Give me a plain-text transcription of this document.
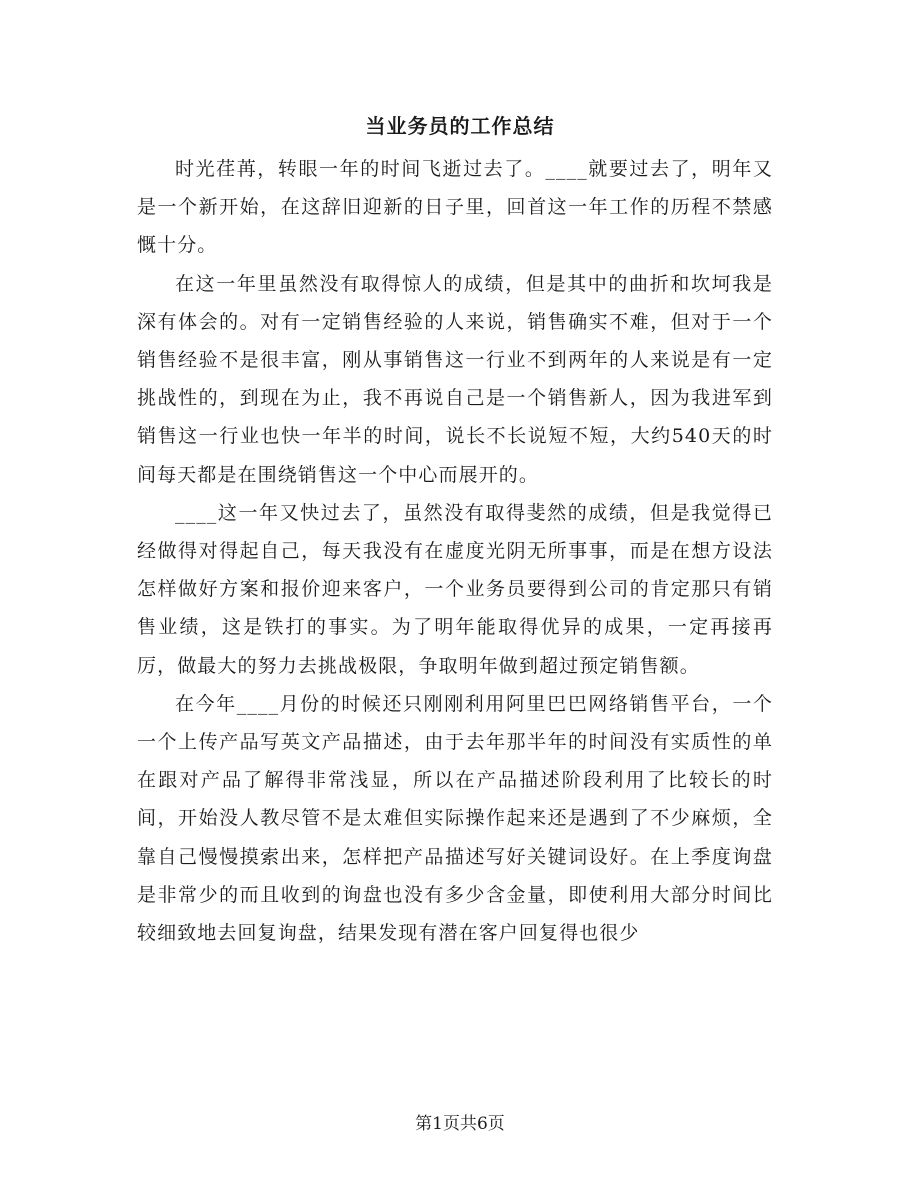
当业务员的工作总结

时光荏苒，转眼一年的时间飞逝过去了。____就要过去了，明年又是一个新开始，在这辞旧迎新的日子里，回首这一年工作的历程不禁感慨十分。

在这一年里虽然没有取得惊人的成绩，但是其中的曲折和坎坷我是深有体会的。对有一定销售经验的人来说，销售确实不难，但对于一个销售经验不是很丰富，刚从事销售这一行业不到两年的人来说是有一定挑战性的，到现在为止，我不再说自己是一个销售新人，因为我进军到销售这一行业也快一年半的时间，说长不长说短不短，大约540天的时间每天都是在围绕销售这一个中心而展开的。

____这一年又快过去了，虽然没有取得斐然的成绩，但是我觉得已经做得对得起自己，每天我没有在虚度光阴无所事事，而是在想方设法怎样做好方案和报价迎来客户，一个业务员要得到公司的肯定那只有销售业绩，这是铁打的事实。为了明年能取得优异的成果，一定再接再厉，做最大的努力去挑战极限，争取明年做到超过预定销售额。

在今年____月份的时候还只刚刚利用阿里巴巴网络销售平台，一个一个上传产品写英文产品描述，由于去年那半年的时间没有实质性的单在跟对产品了解得非常浅显，所以在产品描述阶段利用了比较长的时间，开始没人教尽管不是太难但实际操作起来还是遇到了不少麻烦，全靠自己慢慢摸索出来，怎样把产品描述写好关键词设好。在上季度询盘是非常少的而且收到的询盘也没有多少含金量，即使利用大部分时间比较细致地去回复询盘，结果发现有潜在客户回复得也很少

第1页共6页
